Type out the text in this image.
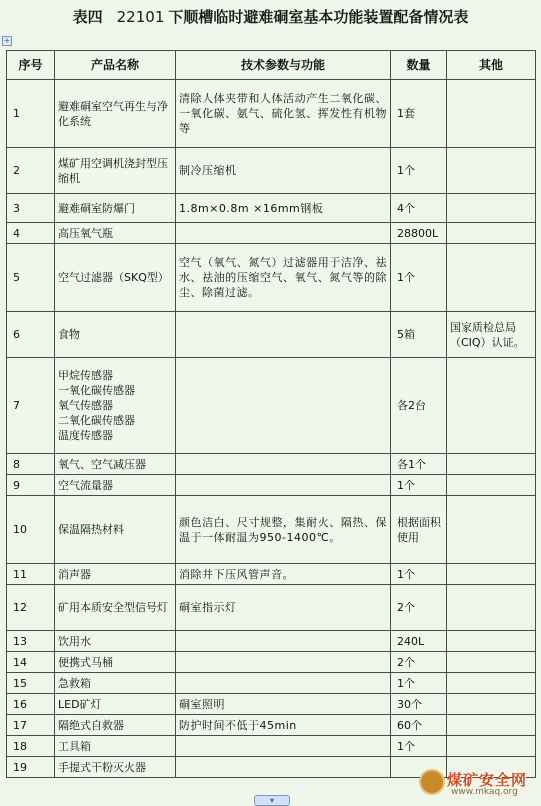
表四 22101 下顺槽临时避难硐室基本功能装置配备情况表
+
序号	产品名称	技术参数与功能	数量	其他
1	避难硐室空气再生与净化系统	清除人体夹带和人体活动产生二氧化碳、一氧化碳、氨气、硫化氢、挥发性有机物等	1套	
2	煤矿用空调机浇封型压缩机	制冷压缩机	1个	
3	避难硐室防爆门	1.8m×0.8m ×16mm钢板	4个	
4	高压氧气瓶		28800L	
5	空气过滤器（SKQ型）	空气（氧气、氮气）过滤器用于洁净、祛水、祛油的压缩空气、氧气、氮气等的除尘、除菌过滤。	1个	
6	食物		5箱	国家质检总局（CIQ）认证。
7	甲烷传感器
一氧化碳传感器
氧气传感器
二氧化碳传感器
温度传感器		各2台	
8	氧气、空气减压器		各1个	
9	空气流量器		1个	
10	保温隔热材料	颜色洁白、尺寸规整，集耐火、隔热、保温于一体耐温为950-1400℃。	根据面积使用	
11	消声器	消除井下压风管声音。	1个	
12	矿用本质安全型信号灯	硐室指示灯	2个	
13	饮用水		240L	
14	便携式马桶		2个	
15	急救箱		1个	
16	LED矿灯	硐室照明	30个	
17	隔绝式自救器	防护时间不低于45min	60个	
18	工具箱		1个	
19	手提式干粉灭火器			
煤矿安全网
www.mkaq.org
▾
